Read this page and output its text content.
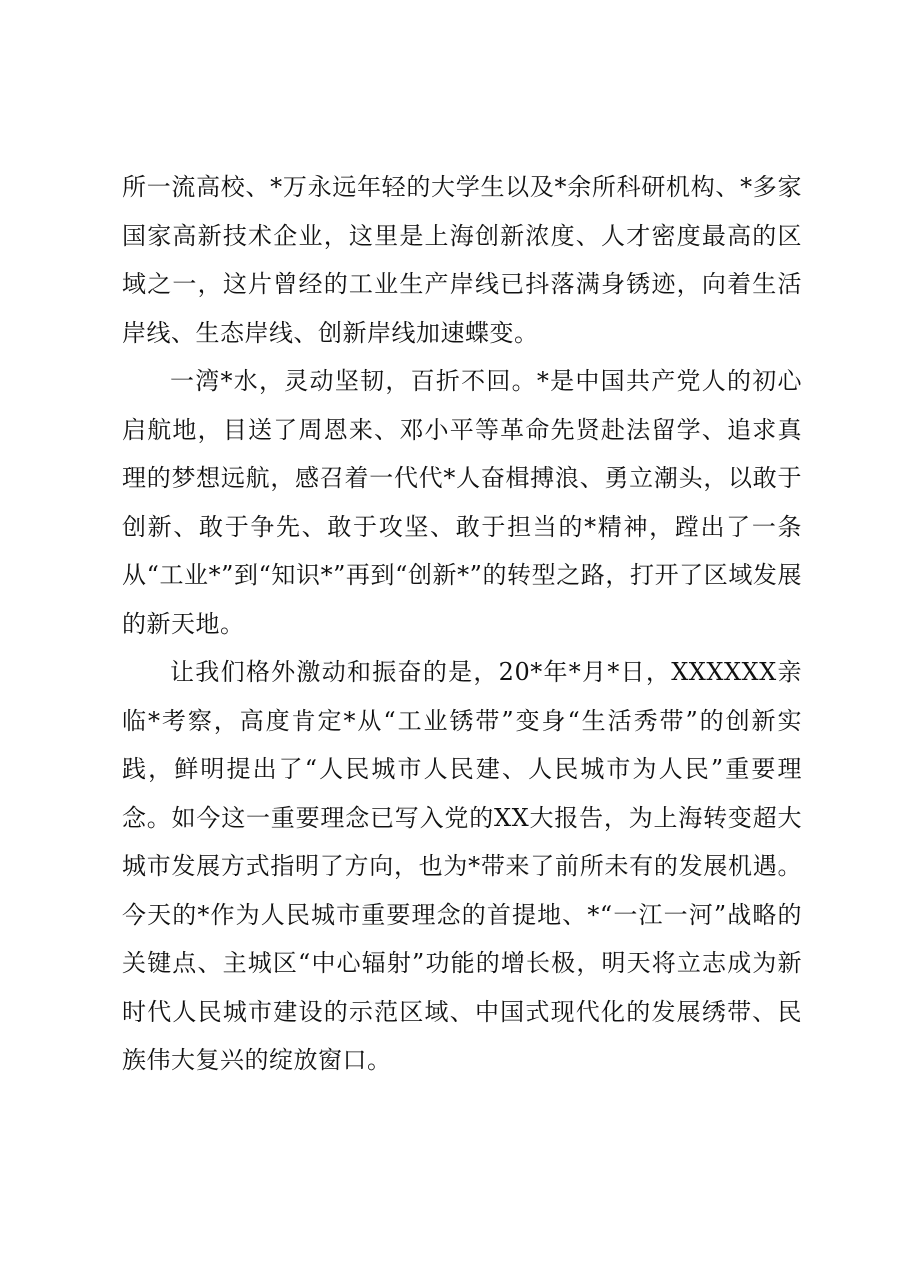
所一流高校、*万永远年轻的大学生以及*余所科研机构、*多家国家高新技术企业，这里是上海创新浓度、人才密度最高的区域之一，这片曾经的工业生产岸线已抖落满身锈迹，向着生活岸线、生态岸线、创新岸线加速蝶变。

一湾*水，灵动坚韧，百折不回。*是中国共产党人的初心启航地，目送了周恩来、邓小平等革命先贤赴法留学、追求真理的梦想远航，感召着一代代*人奋楫搏浪、勇立潮头，以敢于创新、敢于争先、敢于攻坚、敢于担当的*精神，蹚出了一条从“工业*”到“知识*”再到“创新*”的转型之路，打开了区域发展的新天地。

让我们格外激动和振奋的是，20*年*月*日，XXXXXX亲临*考察，高度肯定*从“工业锈带”变身“生活秀带”的创新实践，鲜明提出了“人民城市人民建、人民城市为人民”重要理念。如今这一重要理念已写入党的XX大报告，为上海转变超大城市发展方式指明了方向，也为*带来了前所未有的发展机遇。今天的*作为人民城市重要理念的首提地、*“一江一河”战略的关键点、主城区“中心辐射”功能的增长极，明天将立志成为新时代人民城市建设的示范区域、中国式现代化的发展绣带、民族伟大复兴的绽放窗口。
